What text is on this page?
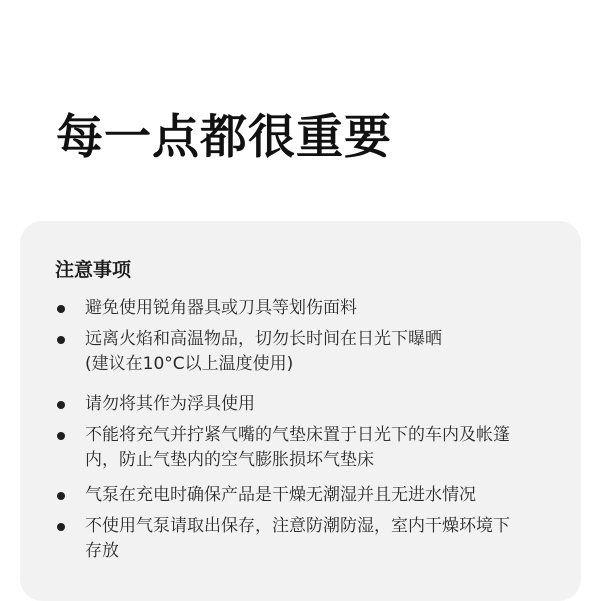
每一点都很重要
注意事项
避免使用锐角器具或刀具等划伤面料
远离火焰和高温物品，切勿长时间在日光下曝晒
(建议在10°C以上温度使用)
请勿将其作为浮具使用
不能将充气并拧紧气嘴的气垫床置于日光下的车内及帐篷
内，防止气垫内的空气膨胀损坏气垫床
气泵在充电时确保产品是干燥无潮湿并且无进水情况
不使用气泵请取出保存，注意防潮防湿，室内干燥环境下
存放
